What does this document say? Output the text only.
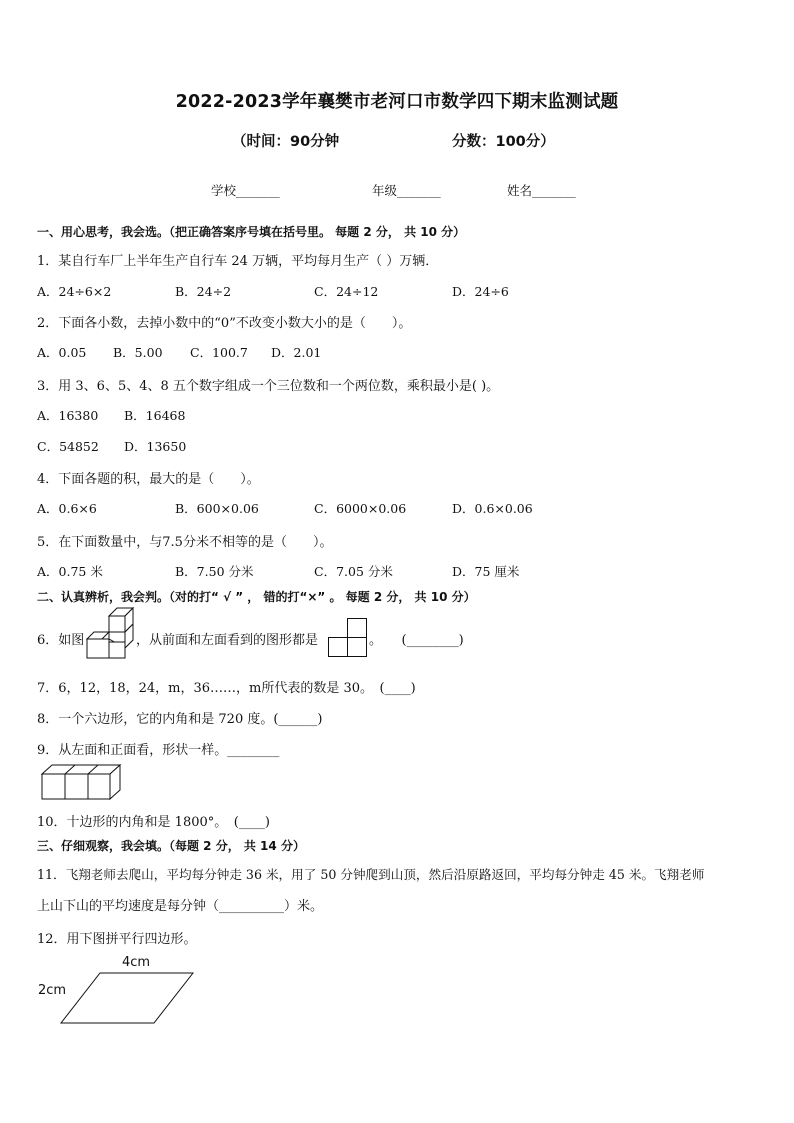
2022-2023学年襄樊市老河口市数学四下期末监测试题
（时间：90分钟	分数：100分）
学校_______	年级_______	姓名_______
一、用心思考，我会选。（把正确答案序号填在括号里。 每题 2 分， 共 10 分）
1．某自行车厂上半年生产自行车 24 万辆，平均每月生产（ ）万辆．
A．24÷6×2	B．24÷2	C．24÷12	D．24÷6
2．下面各小数，去掉小数中的“0”不改变小数大小的是（　　）。
A．0.05 B．5.00 C．100.7 D．2.01
3．用 3、6、5、4、8 五个数字组成一个三位数和一个两位数，乘积最小是( )。
A．16380 B．16468
C．54852 D．13650
4．下面各题的积，最大的是（　　）。
A．0.6×6	B．600×0.06	C．6000×0.06	D．0.6×0.06
5．在下面数量中，与7.5分米不相等的是（　　）。
A．0.75 米	B．7.50 分米	C．7.05 分米	D．75 厘米
二、认真辨析，我会判。（对的打“ √ ” ， 错的打“×” 。 每题 2 分， 共 10 分）
6．如图	，从前面和左面看到的图形都是	。　　(________)
7．6，12，18，24，m，36……，m所代表的数是 30。　(____)
8．一个六边形，它的内角和是 720 度。(______)
9．从左面和正面看，形状一样。________
10．十边形的内角和是 1800°。　(____)
三、仔细观察，我会填。（每题 2 分， 共 14 分）
11．飞翔老师去爬山，平均每分钟走 36 米，用了 50 分钟爬到山顶，然后沿原路返回，平均每分钟走 45 米。飞翔老师
上山下山的平均速度是每分钟（__________）米。
12．用下图拼平行四边形。
4cm
2cm
